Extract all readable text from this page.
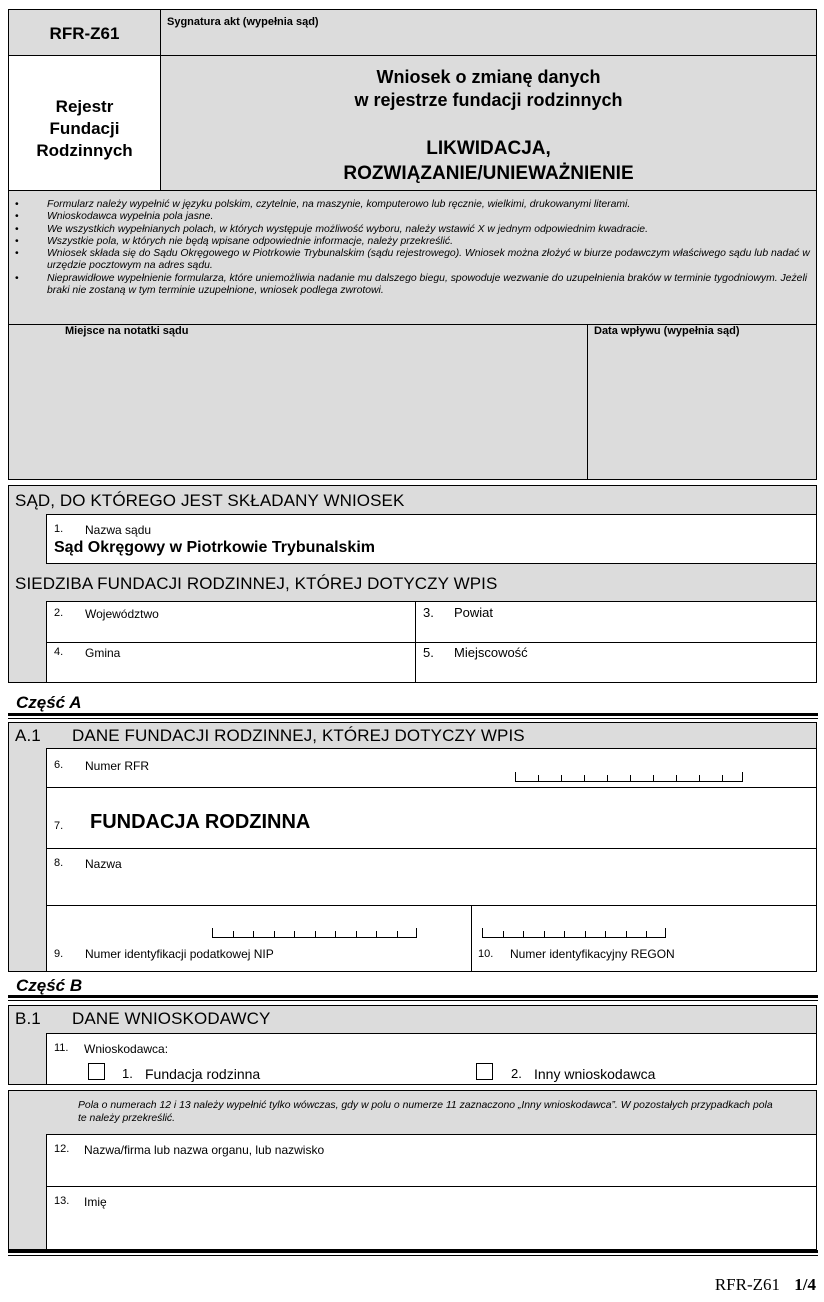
RFR-Z61
Sygnatura akt (wypełnia sąd)
Rejestr
Fundacji
Rodzinnych
Wniosek o zmianę danych
w rejestrze fundacji rodzinnych
LIKWIDACJA,
ROZWIĄZANIE/UNIEWAŻNIENIE
• Formularz należy wypełnić w języku polskim, czytelnie, na maszynie, komputerowo lub ręcznie, wielkimi, drukowanymi literami.
• Wnioskodawca wypełnia pola jasne.
• We wszystkich wypełnianych polach, w których występuje możliwość wyboru, należy wstawić X w jednym odpowiednim kwadracie.
• Wszystkie pola, w których nie będą wpisane odpowiednie informacje, należy przekreślić.
• Wniosek składa się do Sądu Okręgowego w Piotrkowie Trybunalskim (sądu rejestrowego). Wniosek można złożyć w biurze podawczym właściwego sądu lub nadać w urzędzie pocztowym na adres sądu.
• Nieprawidłowe wypełnienie formularza, które uniemożliwia nadanie mu dalszego biegu, spowoduje wezwanie do uzupełnienia braków w terminie tygodniowym. Jeżeli braki nie zostaną w tym terminie uzupełnione, wniosek podlega zwrotowi.
Miejsce na notatki sądu	Data wpływu (wypełnia sąd)
SĄD, DO KTÓREGO JEST SKŁADANY WNIOSEK
1. Nazwa sądu
Sąd Okręgowy w Piotrkowie Trybunalskim
SIEDZIBA FUNDACJI RODZINNEJ, KTÓREJ DOTYCZY WPIS
2. Województwo	3. Powiat
4. Gmina	5. Miejscowość
Część A
A.1 DANE FUNDACJI RODZINNEJ, KTÓREJ DOTYCZY WPIS
6. Numer RFR
7. FUNDACJA RODZINNA
8. Nazwa
9. Numer identyfikacji podatkowej NIP	10. Numer identyfikacyjny REGON
Część B
B.1 DANE WNIOSKODAWCY
11. Wnioskodawca:
1. Fundacja rodzinna	2. Inny wnioskodawca
Pola o numerach 12 i 13 należy wypełnić tylko wówczas, gdy w polu o numerze 11 zaznaczono „Inny wnioskodawca”. W pozostałych przypadkach pola te należy przekreślić.
12. Nazwa/firma lub nazwa organu, lub nazwisko
13. Imię
RFR-Z61 1/4
